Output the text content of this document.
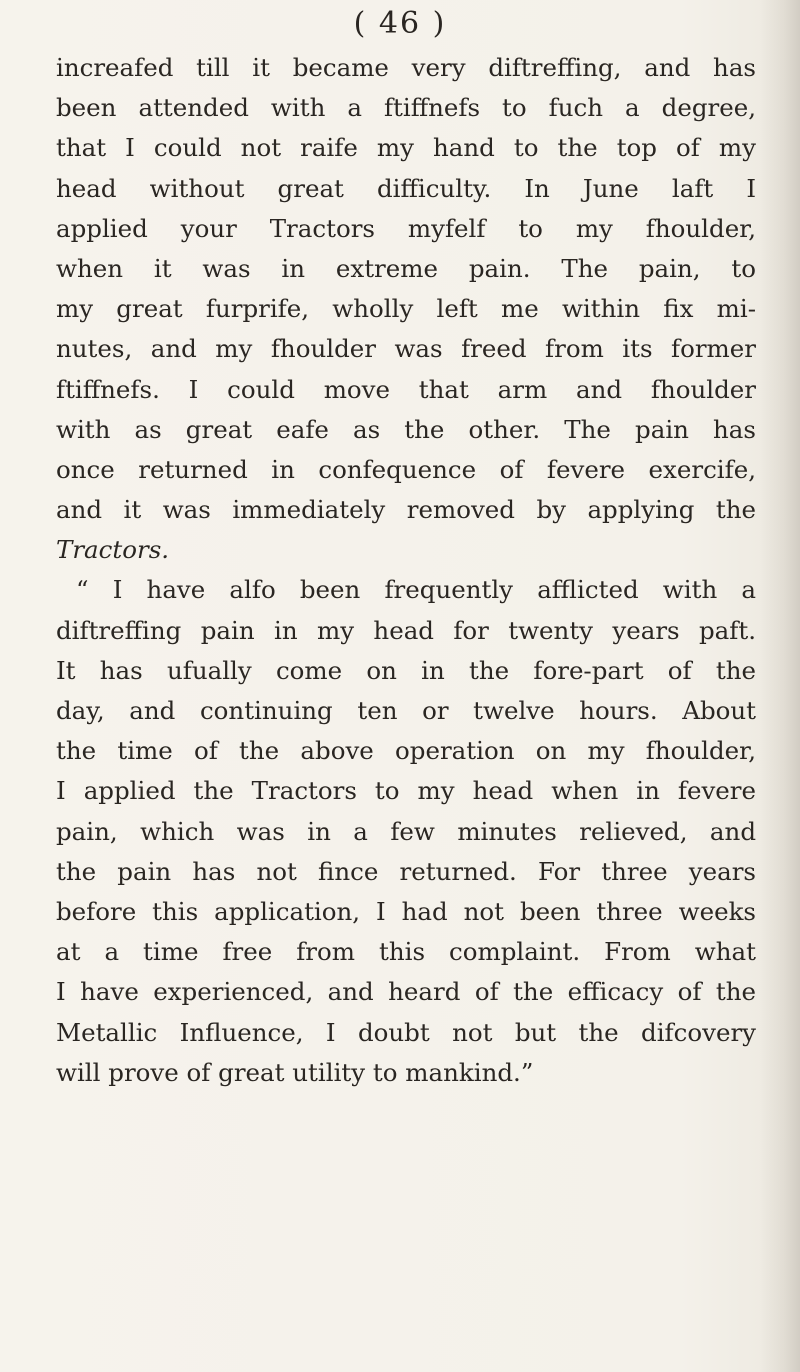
( 46 )
increafed till it became very diftreffing, and has
been attended with a ftiffnefs to fuch a degree,
that I could not raife my hand to the top of my
head without great difficulty. In June laft I
applied your Tractors myfelf to my fhoulder,
when it was in extreme pain. The pain, to
my great furprife, wholly left me within fix mi-
nutes, and my fhoulder was freed from its former
ftiffnefs. I could move that arm and fhoulder
with as great eafe as the other. The pain has
once returned in confequence of fevere exercife,
and it was immediately removed by applying the
Tractors.
“ I have alfo been frequently afflicted with a
diftreffing pain in my head for twenty years paft.
It has ufually come on in the fore-part of the
day, and continuing ten or twelve hours. About
the time of the above operation on my fhoulder,
I applied the Tractors to my head when in fevere
pain, which was in a few minutes relieved, and
the pain has not fince returned. For three years
before this application, I had not been three weeks
at a time free from this complaint. From what
I have experienced, and heard of the efficacy of the
Metallic Influence, I doubt not but the difcovery
will prove of great utility to mankind.”
